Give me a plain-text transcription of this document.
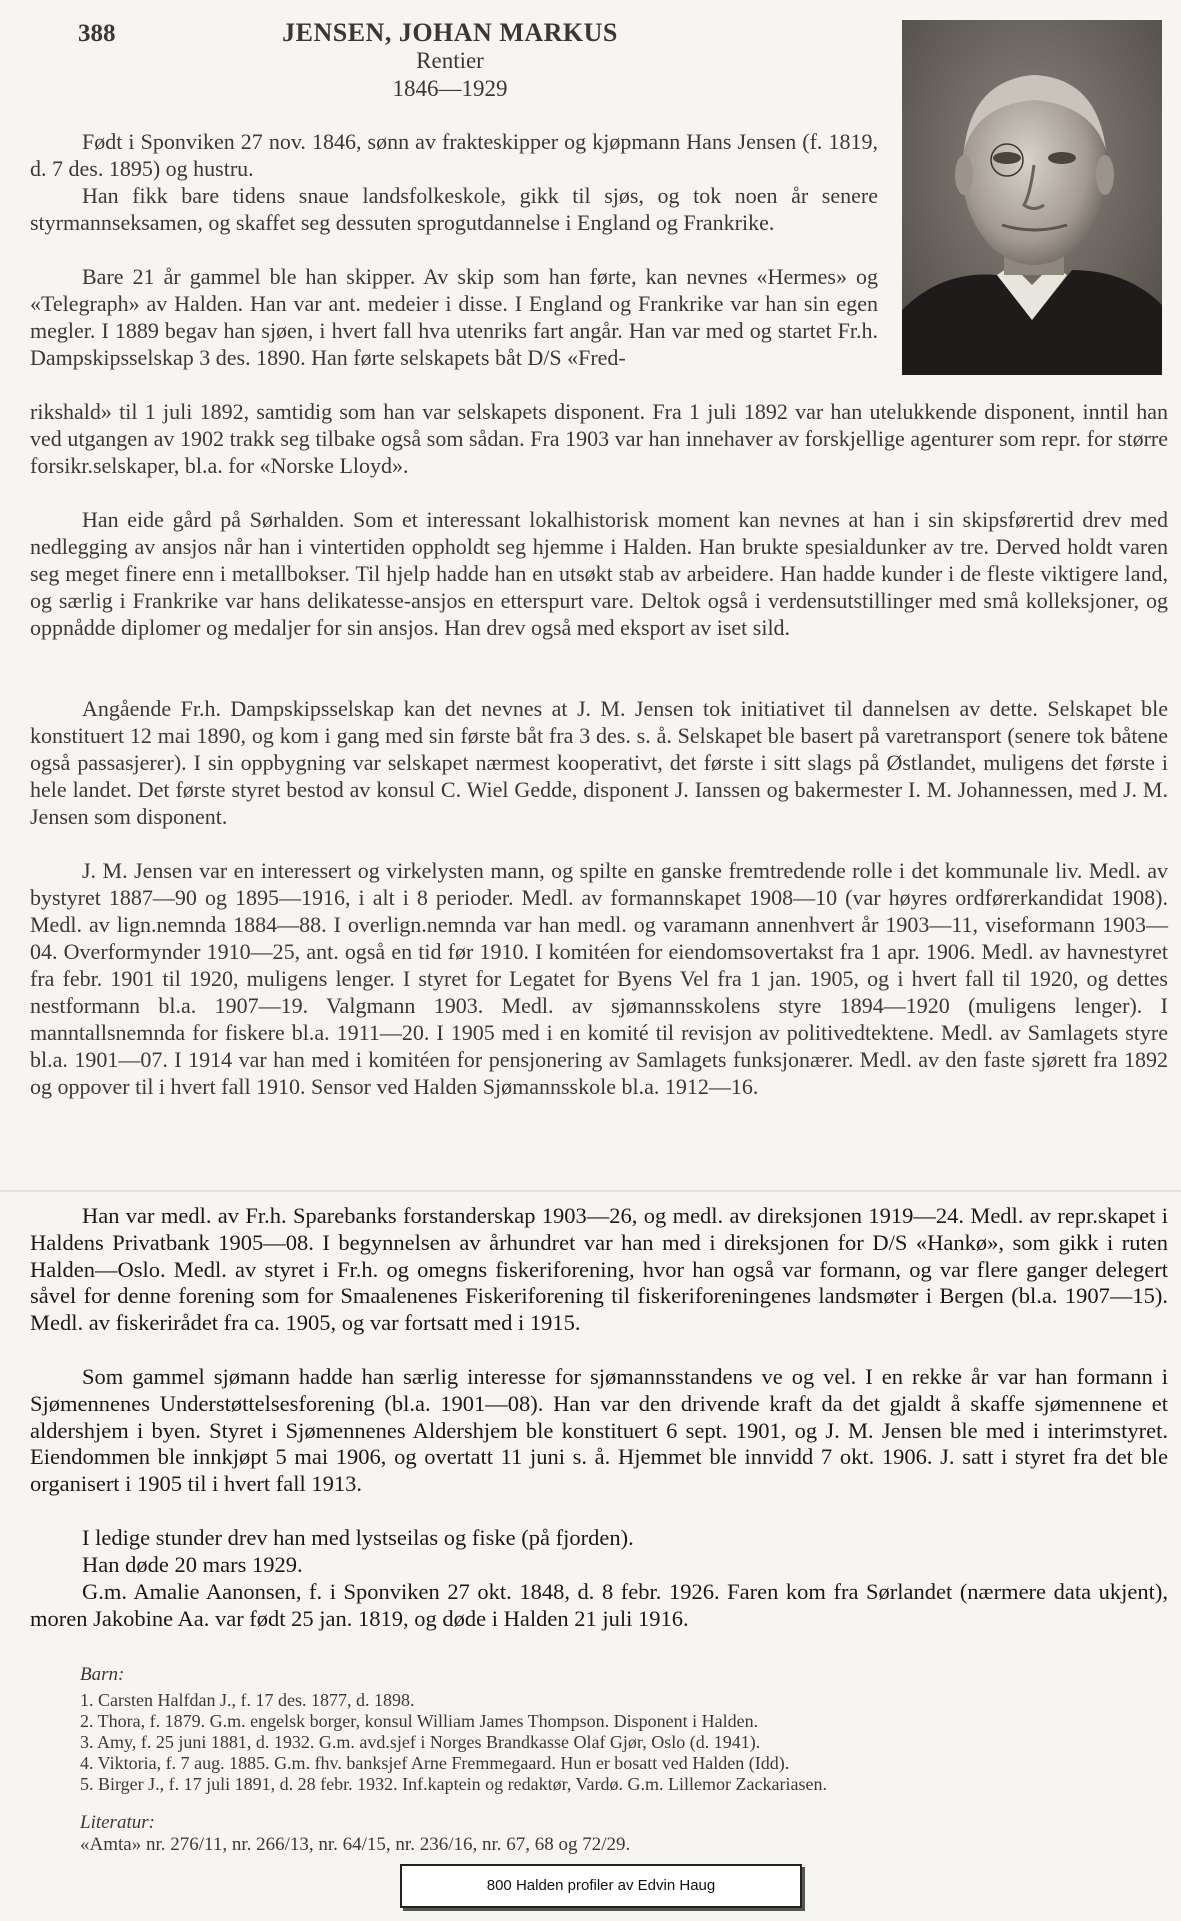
388	JENSEN, JOHAN MARKUS
Rentier
1846—1929

Født i Sponviken 27 nov. 1846, sønn av frakteskipper og kjøpmann Hans Jensen (f. 1819, d. 7 des. 1895) og hustru.

Han fikk bare tidens snaue landsfolkeskole, gikk til sjøs, og tok noen år senere styrmannseksamen, og skaffet seg dessuten sprogutdannelse i England og Frankrike.

Bare 21 år gammel ble han skipper. Av skip som han førte, kan nevnes «Hermes» og «Telegraph» av Halden. Han var ant. medeier i disse. I England og Frankrike var han sin egen megler. I 1889 begav han sjøen, i hvert fall hva utenriks fart angår. Han var med og startet Fr.h. Dampskipsselskap 3 des. 1890. Han førte selskapets båt D/S «Fred-

rikshald» til 1 juli 1892, samtidig som han var selskapets disponent. Fra 1 juli 1892 var han utelukkende disponent, inntil han ved utgangen av 1902 trakk seg tilbake også som sådan. Fra 1903 var han innehaver av forskjellige agenturer som repr. for større forsikr.selskaper, bl.a. for «Norske Lloyd».

Han eide gård på Sørhalden. Som et interessant lokalhistorisk moment kan nevnes at han i sin skipsførertid drev med nedlegging av ansjos når han i vintertiden oppholdt seg hjemme i Halden. Han brukte spesialdunker av tre. Derved holdt varen seg meget finere enn i metallbokser. Til hjelp hadde han en utsøkt stab av arbeidere. Han hadde kunder i de fleste viktigere land, og særlig i Frankrike var hans delikatesse-ansjos en etterspurt vare. Deltok også i verdensutstillinger med små kolleksjoner, og oppnådde diplomer og medaljer for sin ansjos. Han drev også med eksport av iset sild.

Angående Fr.h. Dampskipsselskap kan det nevnes at J. M. Jensen tok initiativet til dannelsen av dette. Selskapet ble konstituert 12 mai 1890, og kom i gang med sin første båt fra 3 des. s. å. Selskapet ble basert på varetransport (senere tok båtene også passasjerer). I sin oppbygning var selskapet nærmest kooperativt, det første i sitt slags på Østlandet, muligens det første i hele landet. Det første styret bestod av konsul C. Wiel Gedde, disponent J. Ianssen og bakermester I. M. Johannessen, med J. M. Jensen som disponent.

J. M. Jensen var en interessert og virkelysten mann, og spilte en ganske fremtredende rolle i det kommunale liv. Medl. av bystyret 1887—90 og 1895—1916, i alt i 8 perioder. Medl. av formannskapet 1908—10 (var høyres ordførerkandidat 1908). Medl. av lign.nemnda 1884—88. I overlign.nemnda var han medl. og varamann annenhvert år 1903—11, viseformann 1903—04. Overformynder 1910—25, ant. også en tid før 1910. I komitéen for eiendomsovertakst fra 1 apr. 1906. Medl. av havnestyret fra febr. 1901 til 1920, muligens lenger. I styret for Legatet for Byens Vel fra 1 jan. 1905, og i hvert fall til 1920, og dettes nestformann bl.a. 1907—19. Valgmann 1903. Medl. av sjømannsskolens styre 1894—1920 (muligens lenger). I manntallsnemnda for fiskere bl.a. 1911—20. I 1905 med i en komité til revisjon av politivedtektene. Medl. av Samlagets styre bl.a. 1901—07. I 1914 var han med i komitéen for pensjonering av Samlagets funksjonærer. Medl. av den faste sjørett fra 1892 og oppover til i hvert fall 1910. Sensor ved Halden Sjømannsskole bl.a. 1912—16.

Han var medl. av Fr.h. Sparebanks forstanderskap 1903—26, og medl. av direksjonen 1919—24. Medl. av repr.skapet i Haldens Privatbank 1905—08. I begynnelsen av århundret var han med i direksjonen for D/S «Hankø», som gikk i ruten Halden—Oslo. Medl. av styret i Fr.h. og omegns fiskeriforening, hvor han også var formann, og var flere ganger delegert såvel for denne forening som for Smaalenenes Fiskeriforening til fiskeriforeningenes landsmøter i Bergen (bl.a. 1907—15). Medl. av fiskerirådet fra ca. 1905, og var fortsatt med i 1915.

Som gammel sjømann hadde han særlig interesse for sjømannsstandens ve og vel. I en rekke år var han formann i Sjømennenes Understøttelsesforening (bl.a. 1901—08). Han var den drivende kraft da det gjaldt å skaffe sjømennene et aldershjem i byen. Styret i Sjømennenes Aldershjem ble konstituert 6 sept. 1901, og J. M. Jensen ble med i interimstyret. Eiendommen ble innkjøpt 5 mai 1906, og overtatt 11 juni s. å. Hjemmet ble innvidd 7 okt. 1906. J. satt i styret fra det ble organisert i 1905 til i hvert fall 1913.

I ledige stunder drev han med lystseilas og fiske (på fjorden).

Han døde 20 mars 1929.

G.m. Amalie Aanonsen, f. i Sponviken 27 okt. 1848, d. 8 febr. 1926. Faren kom fra Sørlandet (nærmere data ukjent), moren Jakobine Aa. var født 25 jan. 1819, og døde i Halden 21 juli 1916.

Barn:
1. Carsten Halfdan J., f. 17 des. 1877, d. 1898.
2. Thora, f. 1879. G.m. engelsk borger, konsul William James Thompson. Disponent i Halden.
3. Amy, f. 25 juni 1881, d. 1932. G.m. avd.sjef i Norges Brandkasse Olaf Gjør, Oslo (d. 1941).
4. Viktoria, f. 7 aug. 1885. G.m. fhv. banksjef Arne Fremmegaard. Hun er bosatt ved Halden (Idd).
5. Birger J., f. 17 juli 1891, d. 28 febr. 1932. Inf.kaptein og redaktør, Vardø. G.m. Lillemor Zackariasen.
Literatur:
«Amta» nr. 276/11, nr. 266/13, nr. 64/15, nr. 236/16, nr. 67, 68 og 72/29.
800 Halden profiler av Edvin Haug
